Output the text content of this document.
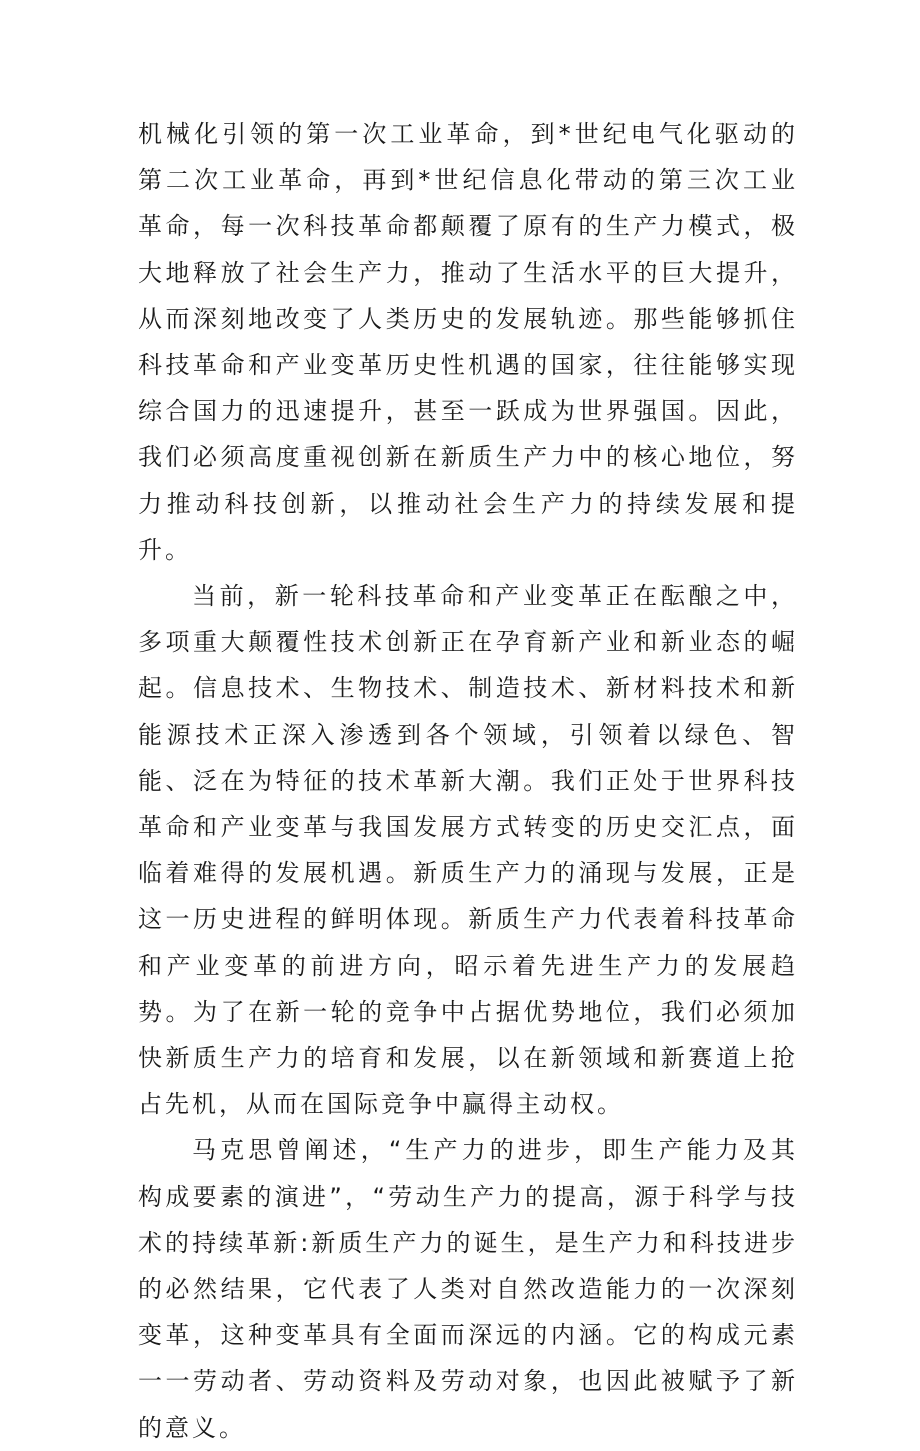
机械化引领的第一次工业革命，到*世纪电气化驱动的第二次工业革命，再到*世纪信息化带动的第三次工业革命，每一次科技革命都颠覆了原有的生产力模式，极大地释放了社会生产力，推动了生活水平的巨大提升，从而深刻地改变了人类历史的发展轨迹。那些能够抓住科技革命和产业变革历史性机遇的国家，往往能够实现综合国力的迅速提升，甚至一跃成为世界强国。因此，我们必须高度重视创新在新质生产力中的核心地位，努力推动科技创新，以推动社会生产力的持续发展和提升。

当前，新一轮科技革命和产业变革正在酝酿之中，多项重大颠覆性技术创新正在孕育新产业和新业态的崛起。信息技术、生物技术、制造技术、新材料技术和新能源技术正深入渗透到各个领域，引领着以绿色、智能、泛在为特征的技术革新大潮。我们正处于世界科技革命和产业变革与我国发展方式转变的历史交汇点，面临着难得的发展机遇。新质生产力的涌现与发展，正是这一历史进程的鲜明体现。新质生产力代表着科技革命和产业变革的前进方向，昭示着先进生产力的发展趋势。为了在新一轮的竞争中占据优势地位，我们必须加快新质生产力的培育和发展，以在新领域和新赛道上抢占先机，从而在国际竞争中赢得主动权。

马克思曾阐述，“生产力的进步，即生产能力及其构成要素的演进”，“劳动生产力的提高，源于科学与技术的持续革新:新质生产力的诞生，是生产力和科技进步的必然结果，它代表了人类对自然改造能力的一次深刻变革，这种变革具有全面而深远的内涵。它的构成元素一一劳动者、劳动资料及劳动对象，也因此被赋予了新的意义。
